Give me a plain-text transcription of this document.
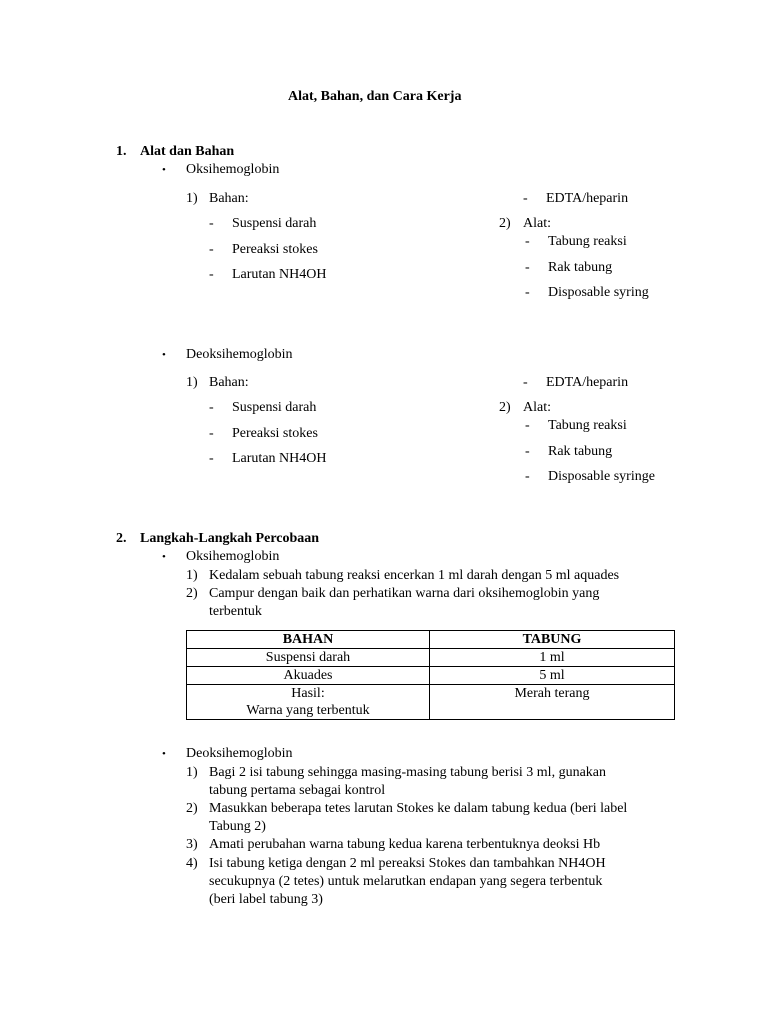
Alat, Bahan, dan Cara Kerja
1. Alat dan Bahan
• Oksihemoglobin
1) Bahan:
- Suspensi darah
- Pereaksi stokes
- Larutan NH4OH
- EDTA/heparin
2) Alat:
- Tabung reaksi
- Rak tabung
- Disposable syring
• Deoksihemoglobin
1) Bahan:
- Suspensi darah
- Pereaksi stokes
- Larutan NH4OH
- EDTA/heparin
2) Alat:
- Tabung reaksi
- Rak tabung
- Disposable syringe
2. Langkah-Langkah Percobaan
• Oksihemoglobin
1) Kedalam sebuah tabung reaksi encerkan 1 ml darah dengan 5 ml aquades
2) Campur dengan baik dan perhatikan warna dari oksihemoglobin yang
terbentuk
BAHAN	TABUNG
Suspensi darah	1 ml
Akuades	5 ml

Hasil:
Warna yang terbentuk	Merah terang
• Deoksihemoglobin
1) Bagi 2 isi tabung sehingga masing-masing tabung berisi 3 ml, gunakan
tabung pertama sebagai kontrol
2) Masukkan beberapa tetes larutan Stokes ke dalam tabung kedua (beri label
Tabung 2)
3) Amati perubahan warna tabung kedua karena terbentuknya deoksi Hb
4) Isi tabung ketiga dengan 2 ml pereaksi Stokes dan tambahkan NH4OH
secukupnya (2 tetes) untuk melarutkan endapan yang segera terbentuk
(beri label tabung 3)
